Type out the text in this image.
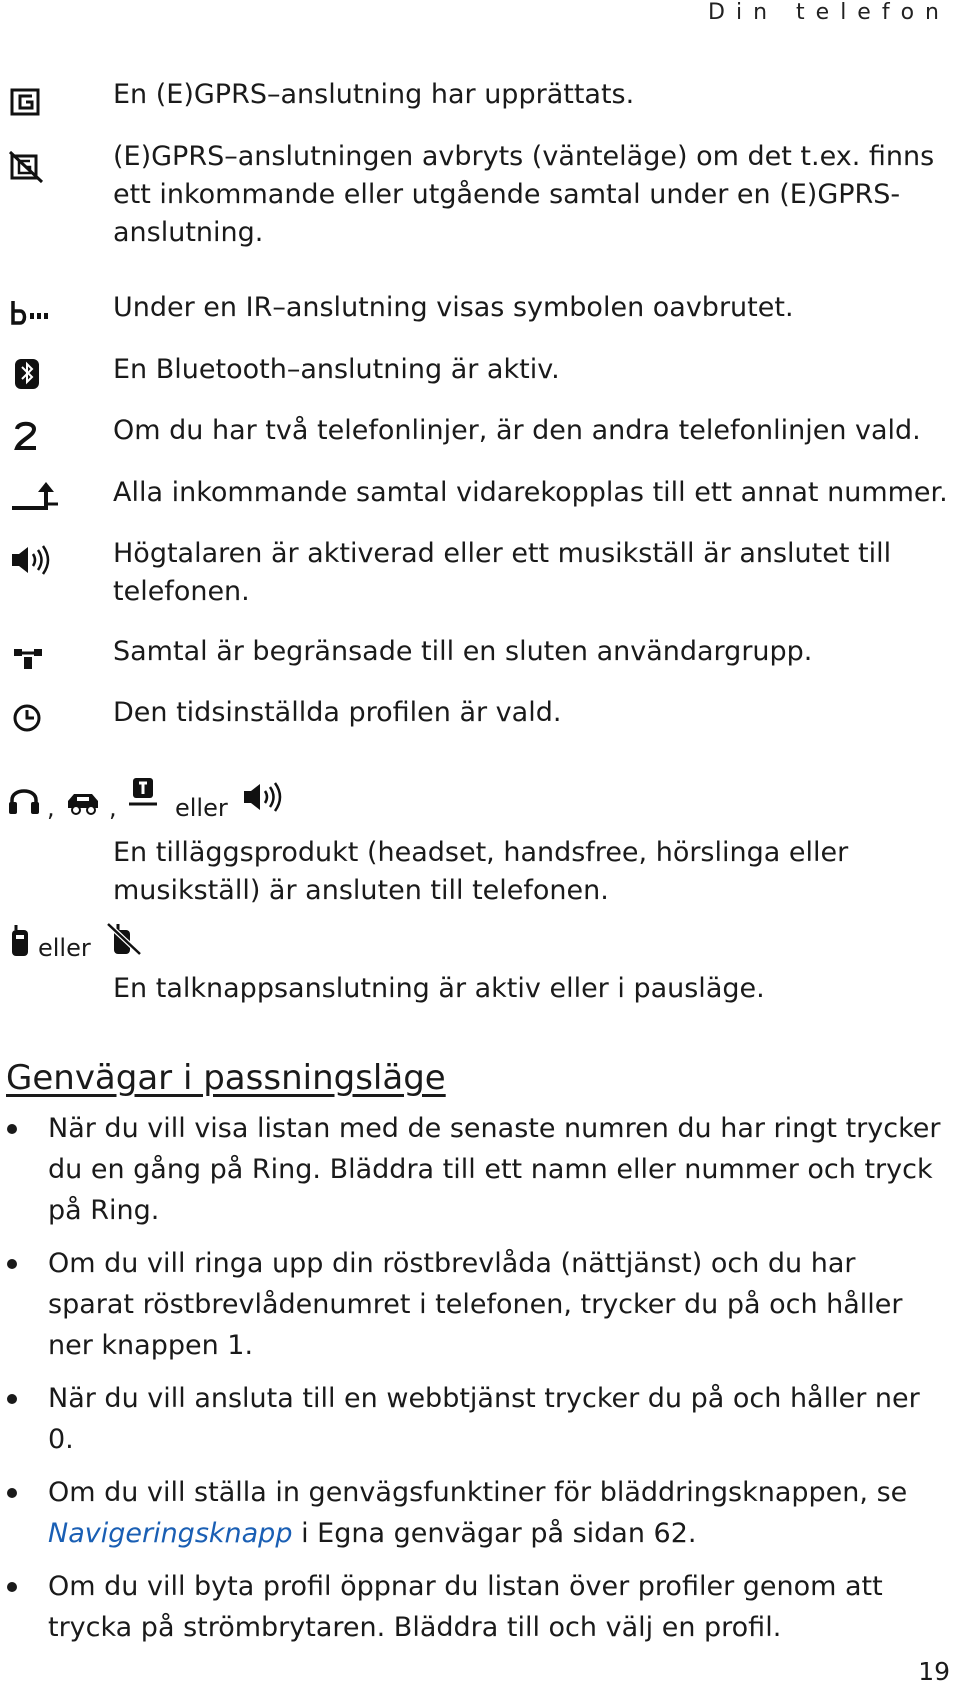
Din telefon

En (E)GPRS–anslutning har upprättats.

(E)GPRS–anslutningen avbryts (vänteläge) om det t.ex. finns ett inkommande eller utgående samtal under en (E)GPRS-anslutning.

Under en IR–anslutning visas symbolen oavbrutet.

En Bluetooth–anslutning är aktiv.

Om du har två telefonlinjer, är den andra telefonlinjen vald.

Alla inkommande samtal vidarekopplas till ett annat nummer.

Högtalaren är aktiverad eller ett musikställ är anslutet till telefonen.

Samtal är begränsade till en sluten användargrupp.

Den tidsinställda profilen är vald.

, , eller

En tilläggsprodukt (headset, handsfree, hörslinga eller musikställ) är ansluten till telefonen.

eller

En talknappsanslutning är aktiv eller i pausläge.

Genvägar i passningsläge
När du vill visa listan med de senaste numren du har ringt trycker du en gång på Ring. Bläddra till ett namn eller nummer och tryck på Ring.
Om du vill ringa upp din röstbrevlåda (nättjänst) och du har sparat röstbrevlådenumret i telefonen, trycker du på och håller ner knappen 1.
När du vill ansluta till en webbtjänst trycker du på och håller ner 0.
Om du vill ställa in genvägsfunktiner för bläddringsknappen, se Navigeringsknapp i Egna genvägar på sidan 62.
Om du vill byta profil öppnar du listan över profiler genom att trycka på strömbrytaren. Bläddra till och välj en profil.

19
